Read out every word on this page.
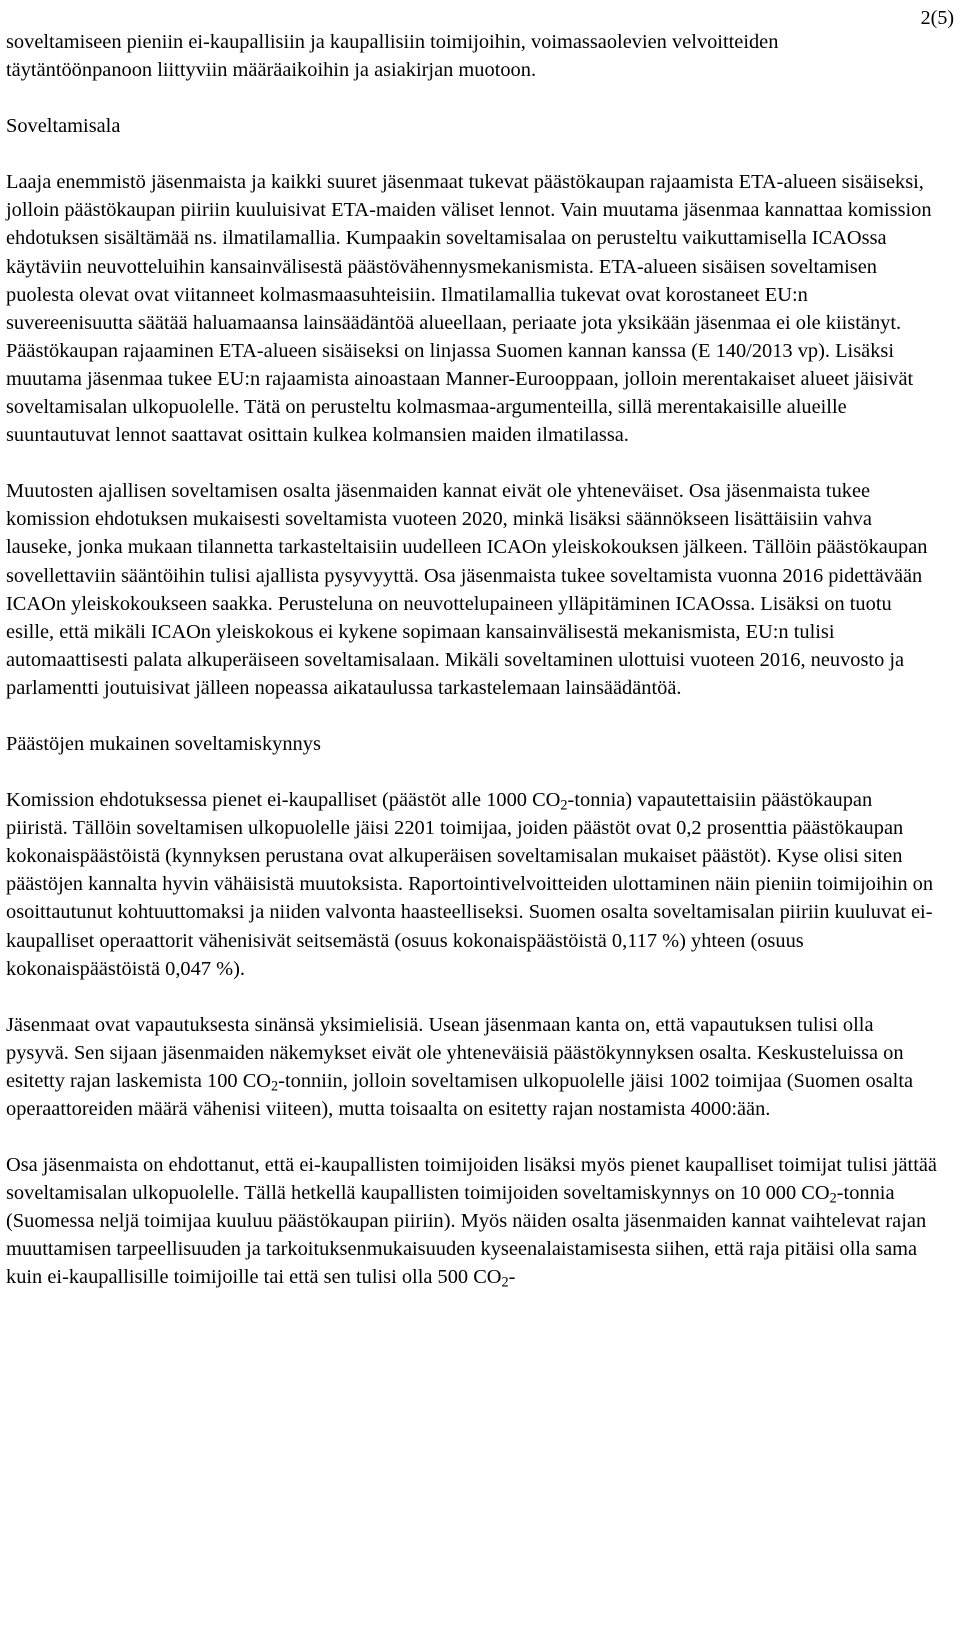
2(5)

soveltamiseen pieniin ei-kaupallisiin ja kaupallisiin toimijoihin, voimassaolevien velvoitteiden täytäntöönpanoon liittyviin määräaikoihin ja asiakirjan muotoon.

Soveltamisala

Laaja enemmistö jäsenmaista ja kaikki suuret jäsenmaat tukevat päästökaupan rajaamista ETA-alueen sisäiseksi, jolloin päästökaupan piiriin kuuluisivat ETA-maiden väliset lennot. Vain muutama jäsenmaa kannattaa komission ehdotuksen sisältämää ns. ilmatilamallia. Kumpaakin soveltamisalaa on perusteltu vaikuttamisella ICAOssa käytäviin neuvotteluihin kansainvälisestä päästövähennysmekanismista. ETA-alueen sisäisen soveltamisen puolesta olevat ovat viitanneet kolmasmaasuhteisiin. Ilmatilamallia tukevat ovat korostaneet EU:n suvereenisuutta säätää haluamaansa lainsäädäntöä alueellaan, periaate jota yksikään jäsenmaa ei ole kiistänyt. Päästökaupan rajaaminen ETA-alueen sisäiseksi on linjassa Suomen kannan kanssa (E 140/2013 vp). Lisäksi muutama jäsenmaa tukee EU:n rajaamista ainoastaan Manner-Eurooppaan, jolloin merentakaiset alueet jäisivät soveltamisalan ulkopuolelle. Tätä on perusteltu kolmasmaa-argumenteilla, sillä merentakaisille alueille suuntautuvat lennot saattavat osittain kulkea kolmansien maiden ilmatilassa.

Muutosten ajallisen soveltamisen osalta jäsenmaiden kannat eivät ole yhteneväiset. Osa jäsenmaista tukee komission ehdotuksen mukaisesti soveltamista vuoteen 2020, minkä lisäksi säännökseen lisättäisiin vahva lauseke, jonka mukaan tilannetta tarkasteltaisiin uudelleen ICAOn yleiskokouksen jälkeen. Tällöin päästökaupan sovellettaviin sääntöihin tulisi ajallista pysyvyyttä. Osa jäsenmaista tukee soveltamista vuonna 2016 pidettävään ICAOn yleiskokoukseen saakka. Perusteluna on neuvottelupaineen ylläpitäminen ICAOssa. Lisäksi on tuotu esille, että mikäli ICAOn yleiskokous ei kykene sopimaan kansainvälisestä mekanismista, EU:n tulisi automaattisesti palata alkuperäiseen soveltamisalaan. Mikäli soveltaminen ulottuisi vuoteen 2016, neuvosto ja parlamentti joutuisivat jälleen nopeassa aikataulussa tarkastelemaan lainsäädäntöä.

Päästöjen mukainen soveltamiskynnys

Komission ehdotuksessa pienet ei-kaupalliset (päästöt alle 1000 $CO_2-tonnia$) vapautettaisiin päästökaupan piiristä. Tällöin soveltamisen ulkopuolelle jäisi 2201 toimijaa, joiden päästöt ovat 0,2 prosenttia päästökaupan kokonaispäästöistä (kynnyksen perustana ovat alkuperäisen soveltamisalan mukaiset päästöt). Kyse olisi siten päästöjen kannalta hyvin vähäisistä muutoksista. Raportointivelvoitteiden ulottaminen näin pieniin toimijoihin on osoittautunut kohtuuttomaksi ja niiden valvonta haasteelliseksi. Suomen osalta soveltamisalan piiriin kuuluvat ei-kaupalliset operaattorit vähenisivät seitsemästä (osuus kokonaispäästöistä 0,117 %) yhteen (osuus kokonaispäästöistä 0,047 %).

Jäsenmaat ovat vapautuksesta sinänsä yksimielisiä. Usean jäsenmaan kanta on, että vapautuksen tulisi olla pysyvä. Sen sijaan jäsenmaiden näkemykset eivät ole yhteneväisiä päästökynnyksen osalta. Keskusteluissa on esitetty rajan laskemista 100 $CO_2$-tonniin, jolloin soveltamisen ulkopuolelle jäisi 1002 toimijaa (Suomen osalta operaattoreiden määrä vähenisi viiteen), mutta toisaalta on esitetty rajan nostamista 4000:ään.

Osa jäsenmaista on ehdottanut, että ei-kaupallisten toimijoiden lisäksi myös pienet kaupalliset toimijat tulisi jättää soveltamisalan ulkopuolelle. Tällä hetkellä kaupallisten toimijoiden soveltamiskynnys on 10 000 $CO_2$-tonnia (Suomessa neljä toimijaa kuuluu päästökaupan piiriin). Myös näiden osalta jäsenmaiden kannat vaihtelevat rajan muuttamisen tarpeellisuuden ja tarkoituksenmukaisuuden kyseenalaistamisesta siihen, että raja pitäisi olla sama kuin ei-kaupallisille toimijoille tai että sen tulisi olla 500 $CO_2-$
